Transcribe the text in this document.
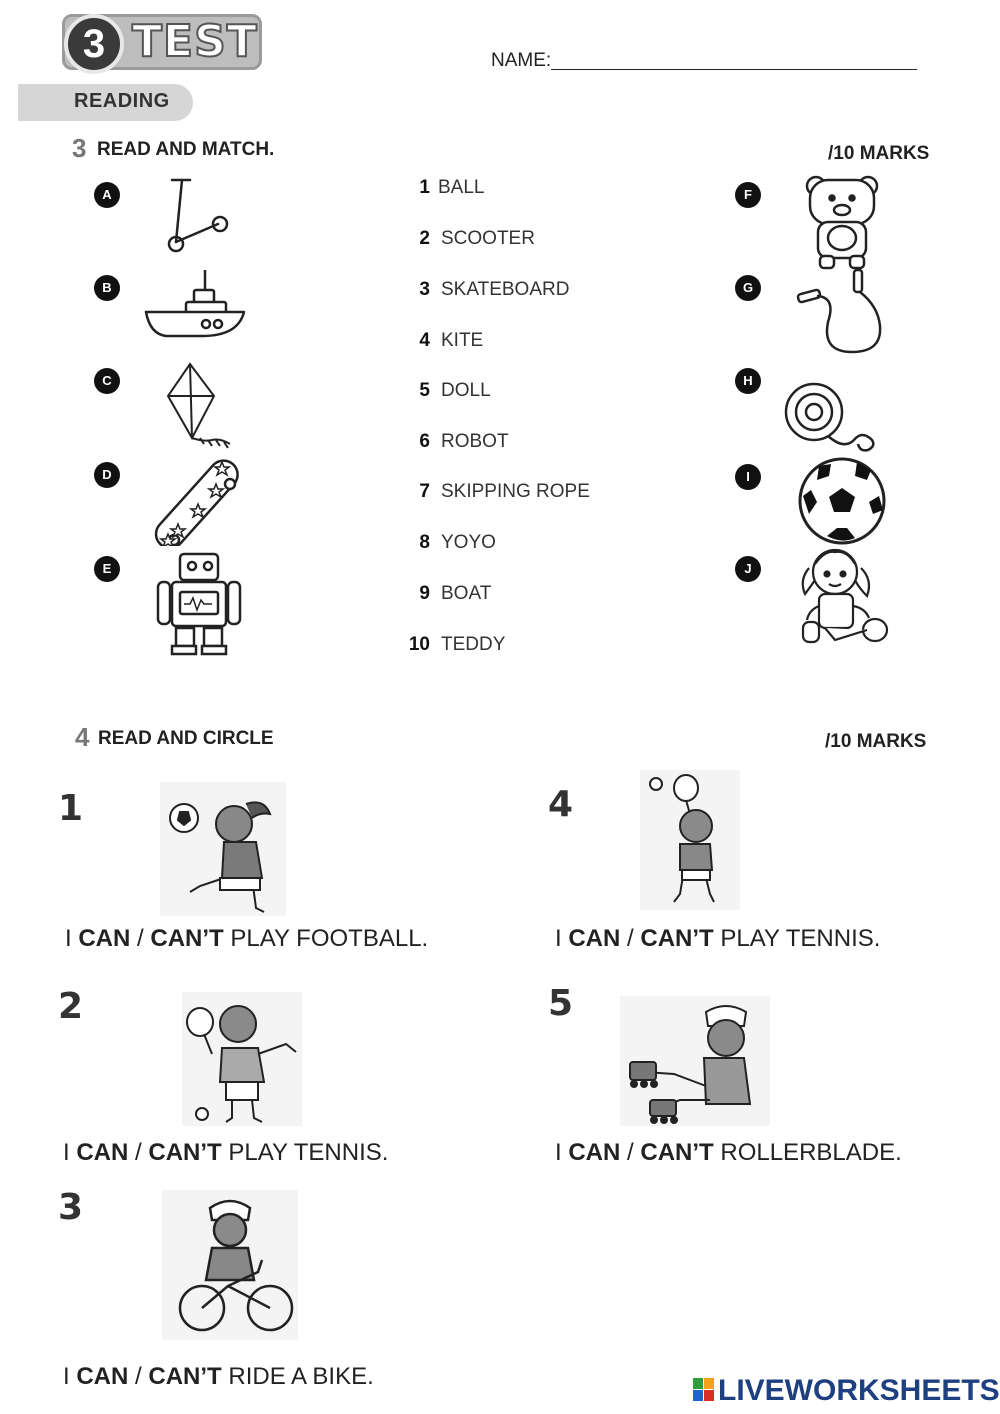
3 TEST	NAME:
READING
3 READ AND MATCH.	/10 MARKS
A
B
C
D
E
F
G
H
I
J
1 BALL
2 SCOOTER
3 SKATEBOARD
4 KITE
5 DOLL
6 ROBOT
7 SKIPPING ROPE
8 YOYO
9 BOAT
10 TEDDY
4 READ AND CIRCLE	/10 MARKS
1
2
3
4
5
I CAN / CAN’T PLAY FOOTBALL.
I CAN / CAN’T PLAY TENNIS.
I CAN / CAN’T RIDE A BIKE.
I CAN / CAN’T PLAY TENNIS.
I CAN / CAN’T ROLLERBLADE.
LIVEWORKSHEETS
